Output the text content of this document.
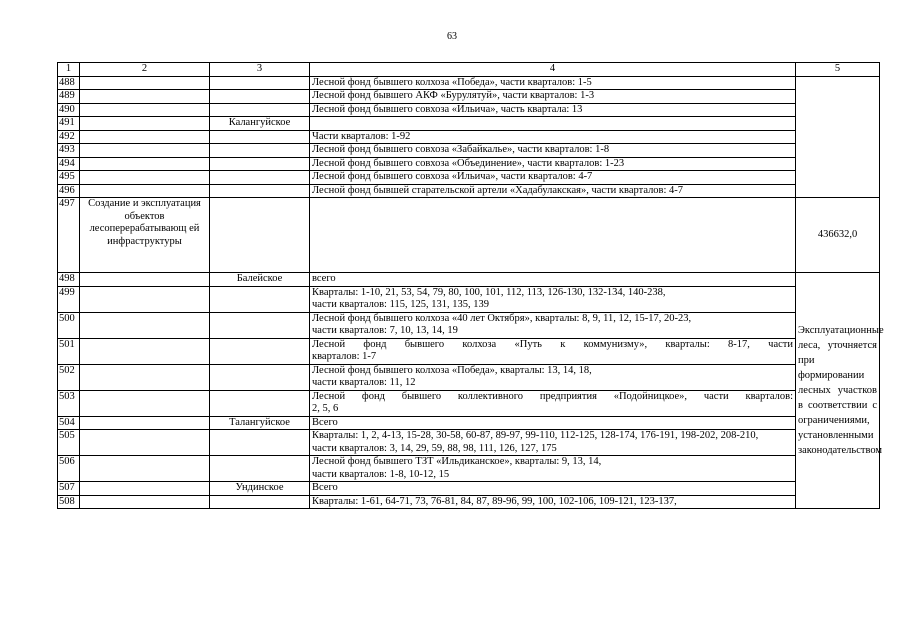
63
1	2	3	4	5
488			Лесной фонд бывшего колхоза «Победа», части кварталов: 1-5	
489			Лесной фонд бывшего АКФ «Бурулятуй», части кварталов: 1-3	
490			Лесной фонд бывшего совхоза «Ильича», часть квартала: 13	
491		Калангуйское		
492			Части кварталов: 1-92	
493			Лесной фонд бывшего совхоза «Забайкалье», части кварталов: 1-8	
494			Лесной фонд бывшего совхоза «Объединение», части кварталов: 1-23	
495			Лесной фонд бывшего совхоза «Ильича», части кварталов: 4-7	
496			Лесной фонд бывшей старательской артели «Хадабулакская», части кварталов: 4-7	
497	Создание и эксплуатация объектов лесоперерабатывающ ей инфраструктуры			436632,0

498		Балейское	всего	Эксплуатационные леса, уточняется при формировании лесных участков в соответствии с ограничениями, установленными законодательством

499			Кварталы: 1-10, 21, 53, 54, 79, 80, 100, 101, 112, 113, 126-130, 132-134, 140-238,
части кварталов: 115, 125, 131, 135, 139	
500			Лесной фонд бывшего колхоза «40 лет Октября», кварталы: 8, 9, 11, 12, 15-17, 20-23,
части кварталов: 7, 10, 13, 14, 19	
501			Лесной фонд бывшего колхоза «Путь к коммунизму», кварталы: 8-17, части
кварталов: 1-7	

502			Лесной фонд бывшего колхоза «Победа», кварталы: 13, 14, 18,
части кварталов: 11, 12	
503			Лесной фонд бывшего коллективного предприятия «Подойницкое», части кварталов:
2, 5, 6	

504		Талангуйское	Всего	
505			Кварталы: 1, 2, 4-13, 15-28, 30-58, 60-87, 89-97, 99-110, 112-125, 128-174, 176-191, 198-202, 208-210,
части кварталов: 3, 14, 29, 59, 88, 98, 111, 126, 127, 175	
506			Лесной фонд бывшего ТЗТ «Ильдиканское», кварталы: 9, 13, 14,
части кварталов: 1-8, 10-12, 15	
507		Ундинское	Всего	
508			Кварталы: 1-61, 64-71, 73, 76-81, 84, 87, 89-96, 99, 100, 102-106, 109-121, 123-137,	
